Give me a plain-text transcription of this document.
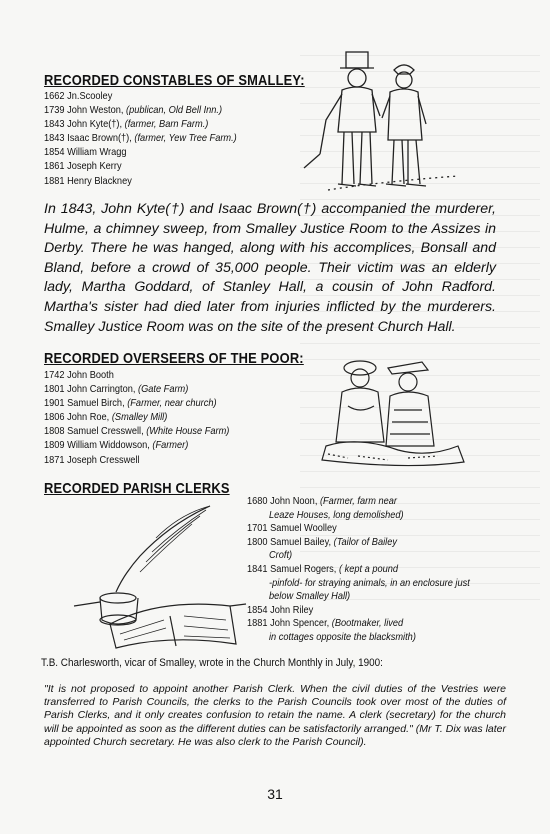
RECORDED CONSTABLES OF SMALLEY:
1662 Jn.Scooley
1739 John Weston, (publican, Old Bell Inn.)
1843 John Kyte(†), (farmer, Barn Farm.)
1843 Isaac Brown(†), (farmer, Yew Tree Farm.)
1854 William Wragg
1861 Joseph Kerry
1881 Henry Blackney

In 1843, John Kyte(†) and Isaac Brown(†) accompanied the murderer, Hulme, a chimney sweep, from Smalley Justice Room to the Assizes in Derby. There he was hanged, along with his accomplices, Bonsall and Bland, before a crowd of 35,000 people. Their victim was an elderly lady, Martha Goddard, of Stanley Hall, a cousin of John Radford. Martha's sister had died later from injuries inflicted by the murderers. Smalley Justice Room was on the site of the present Church Hall.

RECORDED OVERSEERS OF THE POOR:
1742 John Booth
1801 John Carrington, (Gate Farm)
1901 Samuel Birch, (Farmer, near church)
1806 John Roe, (Smalley Mill)
1808 Samuel Cresswell, (White House Farm)
1809 William Widdowson, (Farmer)
1871 Joseph Cresswell
RECORDED PARISH CLERKS
1680 John Noon, (Farmer, farm near
Leaze Houses, long demolished)
1701 Samuel Woolley
1800 Samuel Bailey, (Tailor of Bailey
Croft)
1841 Samuel Rogers, ( kept a pound
-pinfold- for straying animals, in an enclosure just below Smalley Hall)
1854 John Riley
1881 John Spencer, (Bootmaker, lived
in cottages opposite the blacksmith)

T.B. Charlesworth, vicar of Smalley, wrote in the Church Monthly in July, 1900:

"It is not proposed to appoint another Parish Clerk. When the civil duties of the Vestries were transferred to Parish Councils, the clerks to the Parish Councils took over most of the duties of Parish Clerks, and it only creates confusion to retain the name. A clerk (secretary) for the church will be appointed as soon as the different duties can be satisfactorily arranged." (Mr T. Dix was later appointed Church secretary. He was also clerk to the Parish Council).

31
